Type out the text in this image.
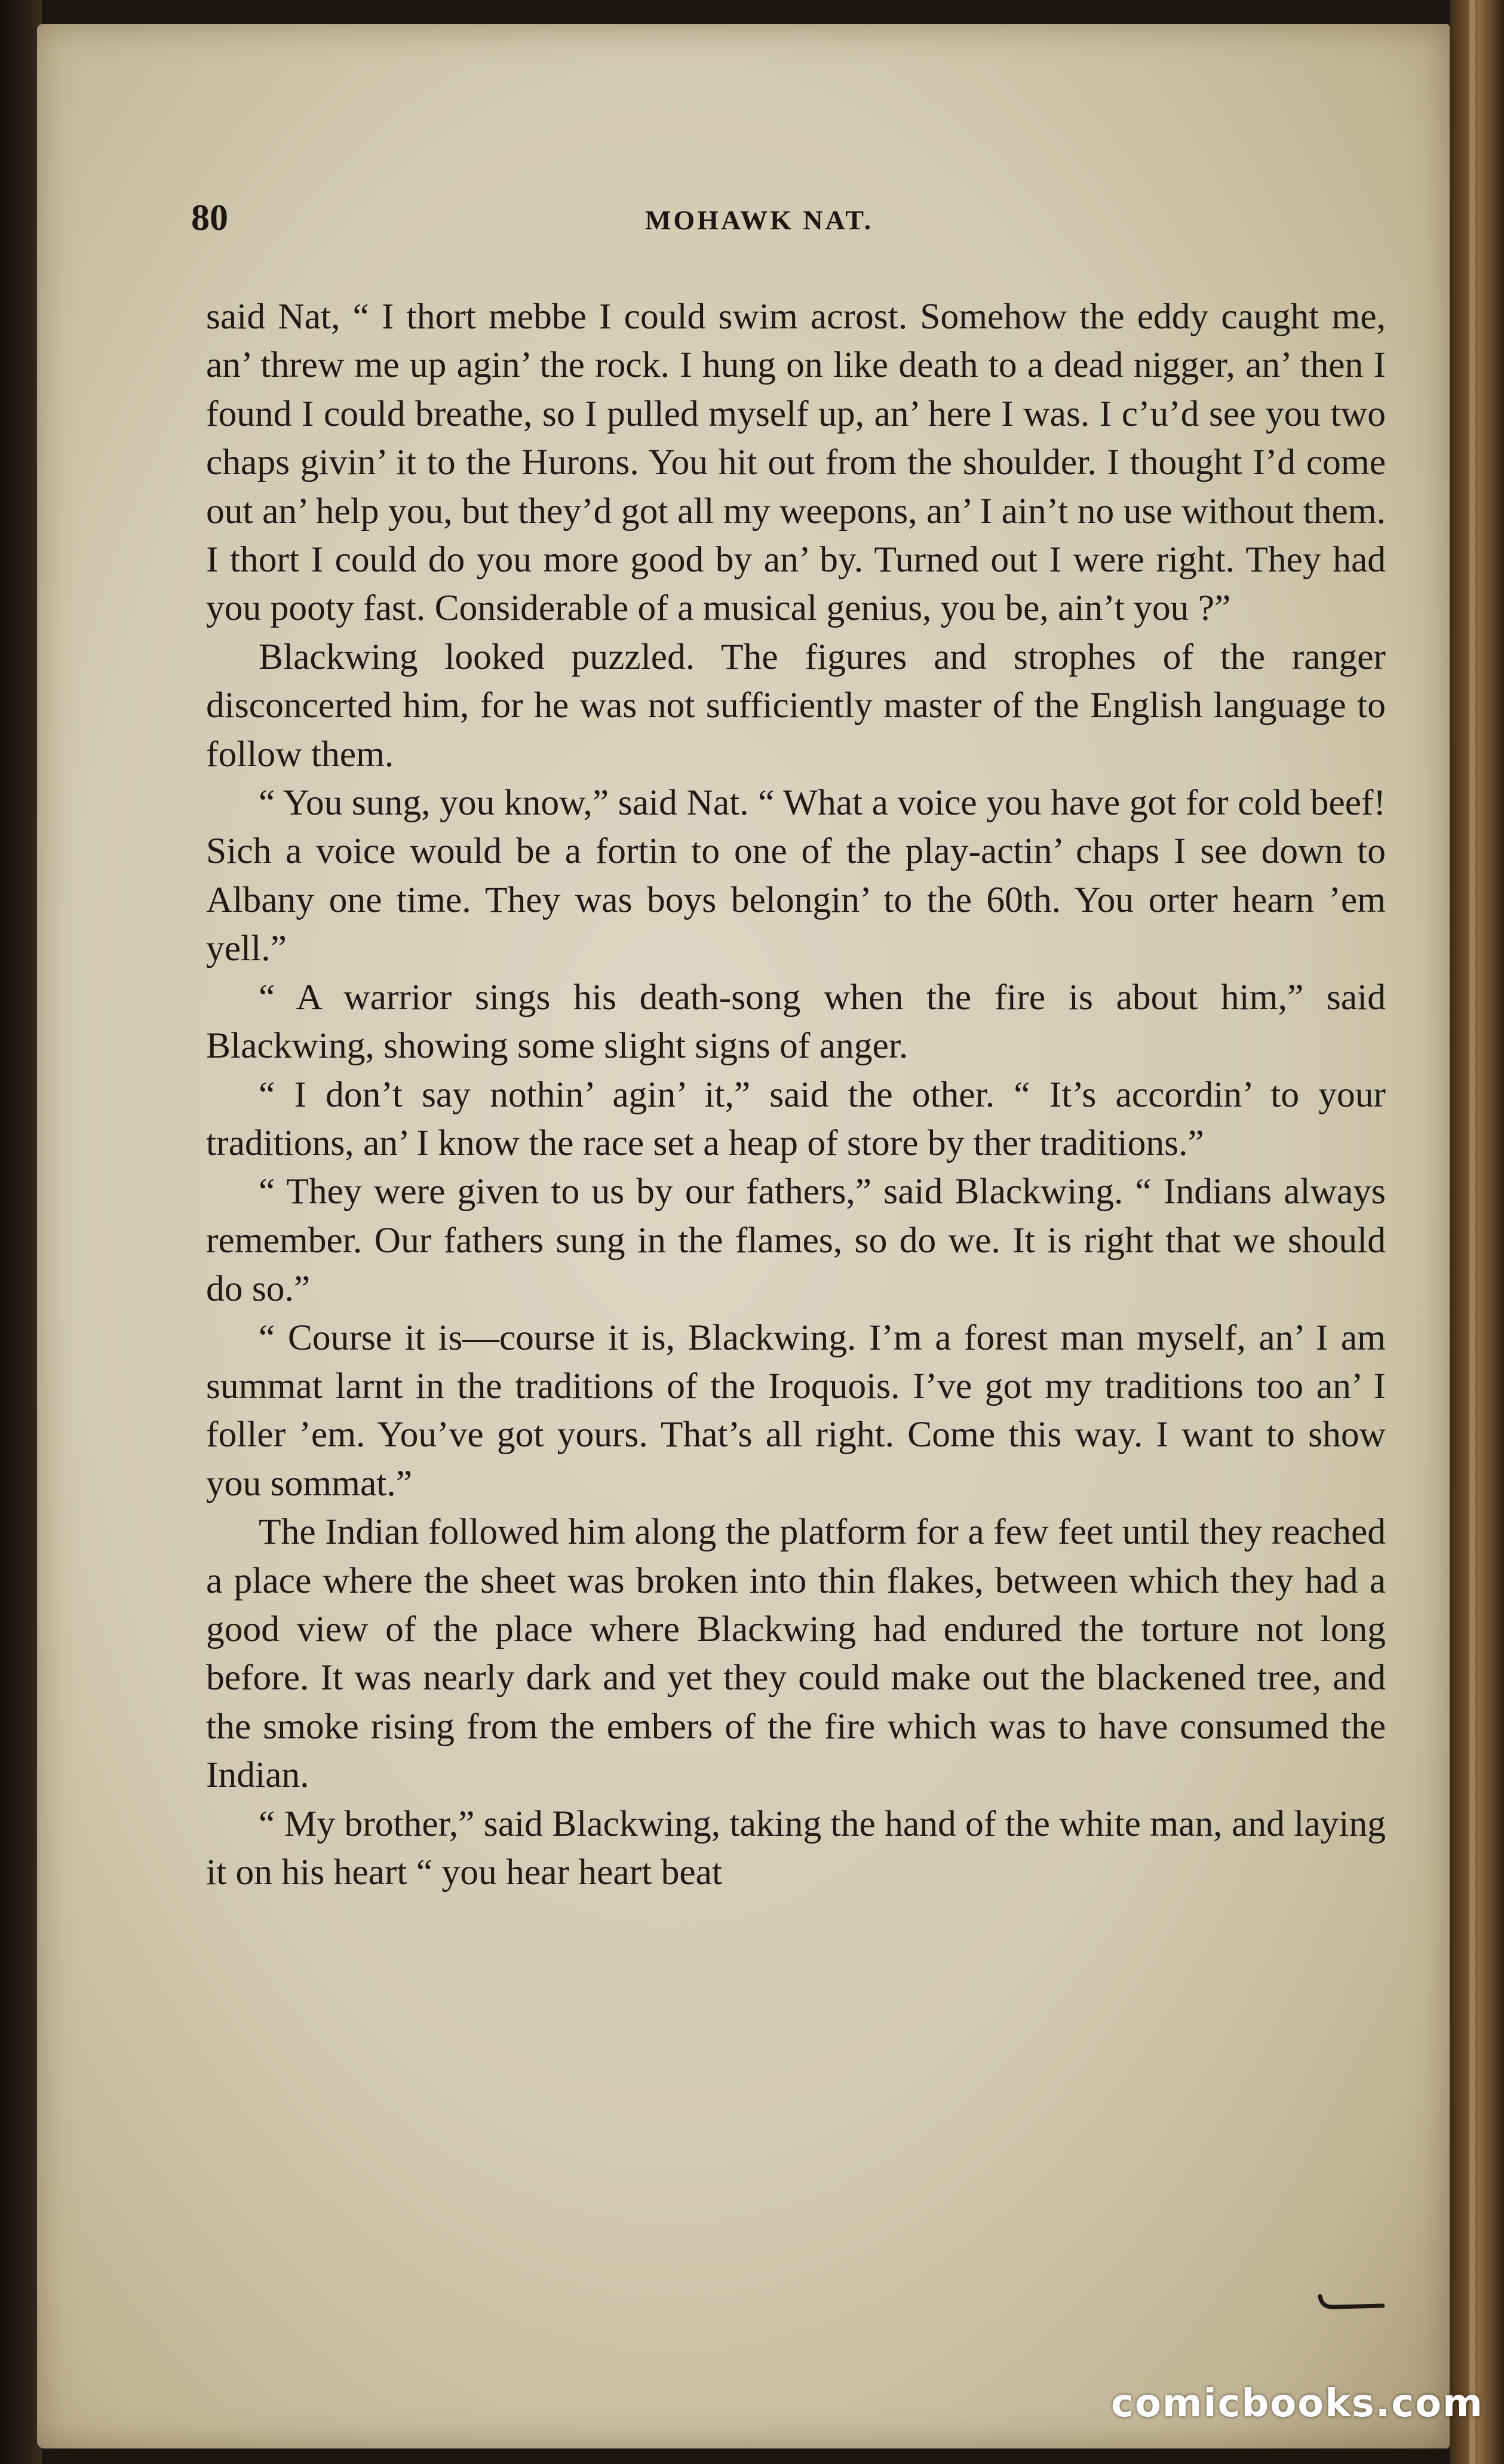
80	MOHAWK NAT.

said Nat, “ I thort mebbe I could swim acrost. Somehow the eddy caught me, an’ threw me up agin’ the rock. I hung on like death to a dead nigger, an’ then I found I could breathe, so I pulled myself up, an’ here I was. I c’u’d see you two chaps givin’ it to the Hurons. You hit out from the shoulder. I thought I’d come out an’ help you, but they’d got all my weepons, an’ I ain’t no use without them. I thort I could do you more good by an’ by. Turned out I were right. They had you pooty fast. Considerable of a musical genius, you be, ain’t you ?”

Blackwing looked puzzled. The figures and strophes of the ranger disconcerted him, for he was not sufficiently master of the English language to follow them.

“ You sung, you know,” said Nat. “ What a voice you have got for cold beef! Sich a voice would be a fortin to one of the play-actin’ chaps I see down to Albany one time. They was boys belongin’ to the 60th. You orter hearn ’em yell.”

“ A warrior sings his death-song when the fire is about him,” said Blackwing, showing some slight signs of anger.

“ I don’t say nothin’ agin’ it,” said the other. “ It’s accordin’ to your traditions, an’ I know the race set a heap of store by ther traditions.”

“ They were given to us by our fathers,” said Blackwing. “ Indians always remember. Our fathers sung in the flames, so do we. It is right that we should do so.”

“ Course it is—course it is, Blackwing. I’m a forest man myself, an’ I am summat larnt in the traditions of the Iroquois. I’ve got my traditions too an’ I foller ’em. You’ve got yours. That’s all right. Come this way. I want to show you sommat.”

The Indian followed him along the platform for a few feet until they reached a place where the sheet was broken into thin flakes, between which they had a good view of the place where Blackwing had endured the torture not long before. It was nearly dark and yet they could make out the blackened tree, and the smoke rising from the embers of the fire which was to have consumed the Indian.

“ My brother,” said Blackwing, taking the hand of the white man, and laying it on his heart “ you hear heart beat

comicbooks.com
